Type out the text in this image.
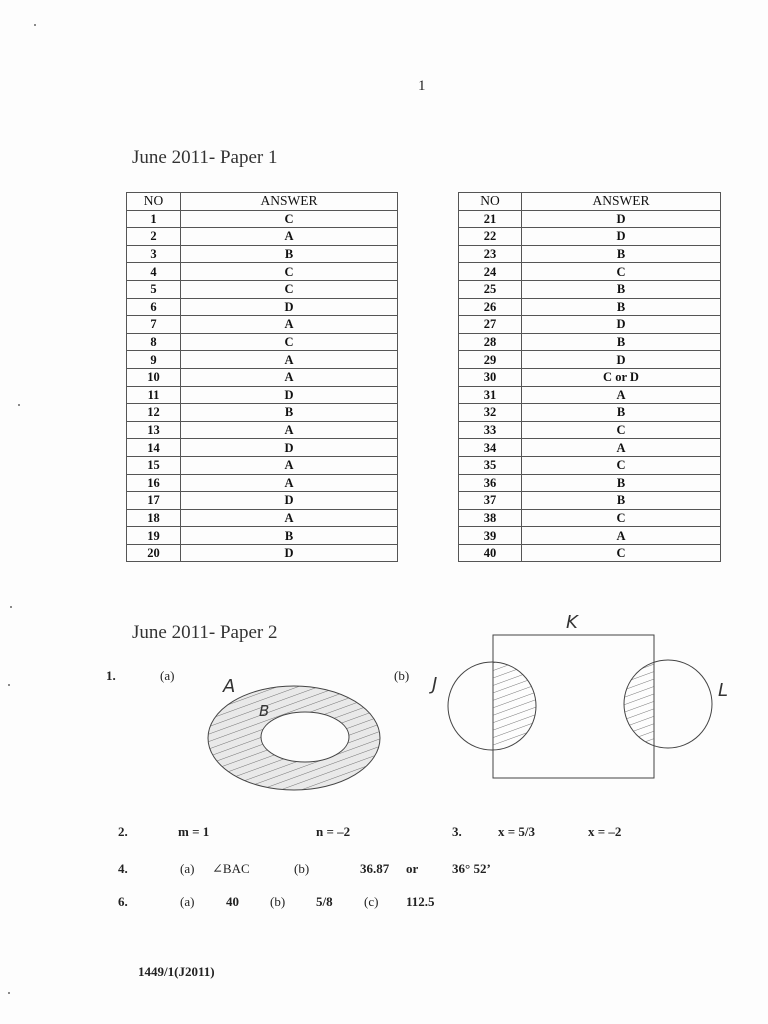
1
June 2011- Paper 1
NO	ANSWER
1	C
2	A
3	B
4	C
5	C
6	D
7	A
8	C
9	A
10	A
11	D
12	B
13	A
14	D
15	A
16	A
17	D
18	A
19	B
20	D
NO	ANSWER
21	D
22	D
23	B
24	C
25	B
26	B
27	D
28	B
29	D
30	C or D
31	A
32	B
33	C
34	A
35	C
36	B
37	B
38	C
39	A
40	C
June 2011- Paper 2
1.	(a)	(b)
A
B
K
J	L
2.	m = 1	n = –2	3.	x = 5/3	x = –2
4.	(a) ∠BAC	(b)	36.87 or	36° 52’
6.	(a) 40 (b) 5/8 (c) 112.5
1449/1(J2011)
